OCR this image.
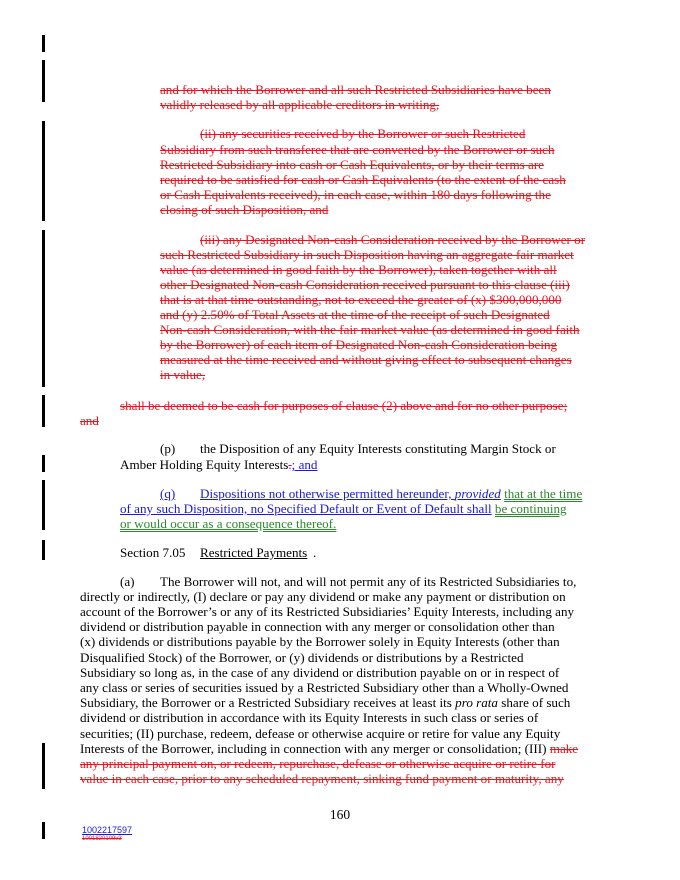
and for which the Borrower and all such Restricted Subsidiaries have been
validly released by all applicable creditors in writing,
(ii) any securities received by the Borrower or such Restricted
Subsidiary from such transferee that are converted by the Borrower or such
Restricted Subsidiary into cash or Cash Equivalents, or by their terms are
required to be satisfied for cash or Cash Equivalents (to the extent of the cash
or Cash Equivalents received), in each case, within 180 days following the
closing of such Disposition, and
(iii) any Designated Non-cash Consideration received by the Borrower or
such Restricted Subsidiary in such Disposition having an aggregate fair market
value (as determined in good faith by the Borrower), taken together with all
other Designated Non-cash Consideration received pursuant to this clause (iii)
that is at that time outstanding, not to exceed the greater of (x) $300,000,000
and (y) 2.50% of Total Assets at the time of the receipt of such Designated
Non-cash Consideration, with the fair market value (as determined in good faith
by the Borrower) of each item of Designated Non-cash Consideration being
measured at the time received and without giving effect to subsequent changes
in value,
shall be deemed to be cash for purposes of clause (2) above and for no other purpose;
and
(p) the Disposition of any Equity Interests constituting Margin Stock or
Amber Holding Equity Interests.; and
(q) Dispositions not otherwise permitted hereunder, provided that at the time
of any such Disposition, no Specified Default or Event of Default shall be continuing
or would occur as a consequence thereof.
Section 7.05 Restricted Payments .
(a) The Borrower will not, and will not permit any of its Restricted Subsidiaries to,
directly or indirectly, (I) declare or pay any dividend or make any payment or distribution on
account of the Borrower’s or any of its Restricted Subsidiaries’ Equity Interests, including any
dividend or distribution payable in connection with any merger or consolidation other than
(x) dividends or distributions payable by the Borrower solely in Equity Interests (other than
Disqualified Stock) of the Borrower, or (y) dividends or distributions by a Restricted
Subsidiary so long as, in the case of any dividend or distribution payable on or in respect of
any class or series of securities issued by a Restricted Subsidiary other than a Wholly-Owned
Subsidiary, the Borrower or a Restricted Subsidiary receives at least its pro rata share of such
dividend or distribution in accordance with its Equity Interests in such class or series of
securities; (II) purchase, redeem, defease or otherwise acquire or retire for value any Equity
Interests of the Borrower, including in connection with any merger or consolidation; (III) make
any principal payment on, or redeem, repurchase, defease or otherwise acquire or retire for
value in each case, prior to any scheduled repayment, sinking fund payment or maturity, any
160
1002217597
1001820109v3
